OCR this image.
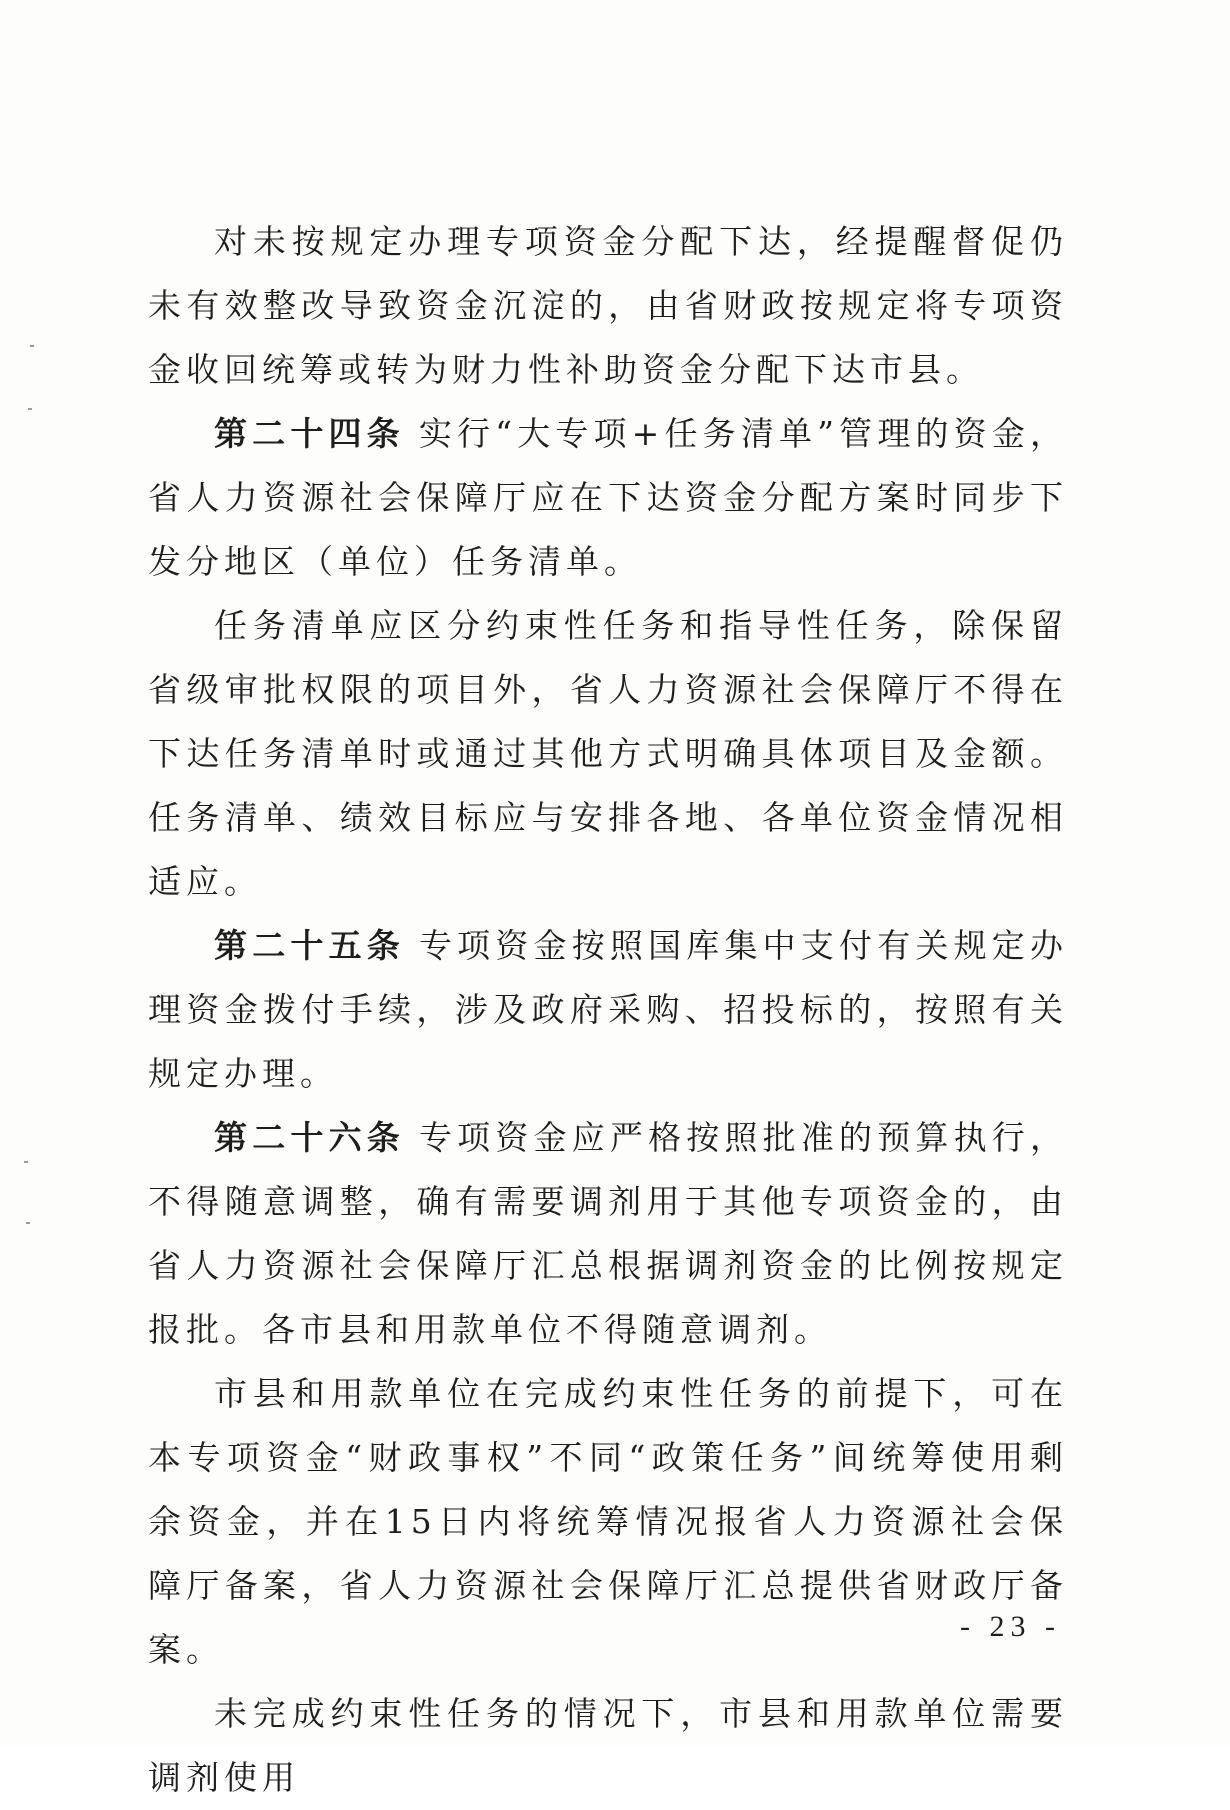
对未按规定办理专项资金分配下达，经提醒督促仍未有效整改导致资金沉淀的，由省财政按规定将专项资金收回统筹或转为财力性补助资金分配下达市县。

第二十四条 实行“大专项+任务清单”管理的资金，省人力资源社会保障厅应在下达资金分配方案时同步下发分地区（单位）任务清单。

任务清单应区分约束性任务和指导性任务，除保留省级审批权限的项目外，省人力资源社会保障厅不得在下达任务清单时或通过其他方式明确具体项目及金额。任务清单、绩效目标应与安排各地、各单位资金情况相适应。

第二十五条 专项资金按照国库集中支付有关规定办理资金拨付手续，涉及政府采购、招投标的，按照有关规定办理。

第二十六条 专项资金应严格按照批准的预算执行，不得随意调整，确有需要调剂用于其他专项资金的，由省人力资源社会保障厅汇总根据调剂资金的比例按规定报批。各市县和用款单位不得随意调剂。

市县和用款单位在完成约束性任务的前提下，可在本专项资金“财政事权”不同“政策任务”间统筹使用剩余资金，并在15日内将统筹情况报省人力资源社会保障厅备案，省人力资源社会保障厅汇总提供省财政厅备案。

未完成约束性任务的情况下，市县和用款单位需要调剂使用

- 23 -
